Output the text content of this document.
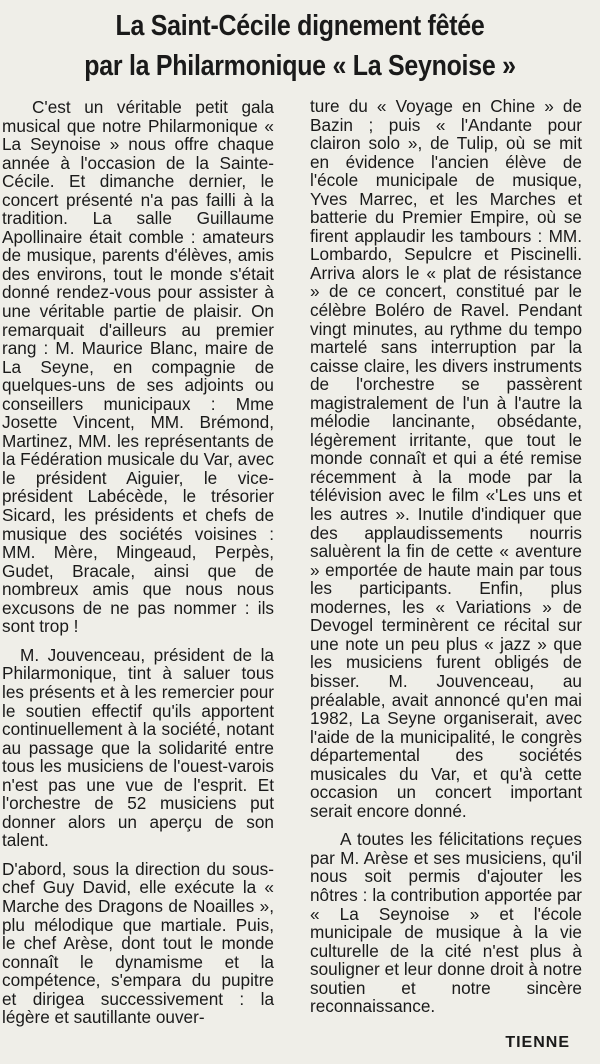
La Saint-Cécile dignement fêtée
par la Philarmonique « La Seynoise »

C'est un véritable petit gala musical que notre Philarmonique « La Seynoise » nous offre chaque année à l'occasion de la Sainte-Cécile. Et dimanche dernier, le concert présenté n'a pas failli à la tradition. La salle Guillaume Apollinaire était comble : amateurs de musique, parents d'élèves, amis des environs, tout le monde s'était donné rendez-vous pour assister à une véritable partie de plaisir. On remarquait d'ailleurs au premier rang : M. Maurice Blanc, maire de La Seyne, en compagnie de quelques-uns de ses adjoints ou conseillers municipaux : Mme Josette Vincent, MM. Brémond, Martinez, MM. les représentants de la Fédération musicale du Var, avec le président Aiguier, le vice-président Labécède, le trésorier Sicard, les présidents et chefs de musique des sociétés voisines : MM. Mère, Mingeaud, Perpès, Gudet, Bracale, ainsi que de nombreux amis que nous nous excusons de ne pas nommer : ils sont trop !

M. Jouvenceau, président de la Philarmonique, tint à saluer tous les présents et à les remercier pour le soutien effectif qu'ils apportent continuellement à la société, notant au passage que la solidarité entre tous les musiciens de l'ouest-varois n'est pas une vue de l'esprit. Et l'orchestre de 52 musiciens put donner alors un aperçu de son talent.

D'abord, sous la direction du sous-chef Guy David, elle exécute la « Marche des Dragons de Noailles », plu mélodique que martiale. Puis, le chef Arèse, dont tout le monde connaît le dynamisme et la compétence, s'empara du pupitre et dirigea successivement : la légère et sautillante ouver-

ture du « Voyage en Chine » de Bazin ; puis « l'Andante pour clairon solo », de Tulip, où se mit en évidence l'ancien élève de l'école municipale de musique, Yves Marrec, et les Marches et batterie du Premier Empire, où se firent applaudir les tambours : MM. Lombardo, Sepulcre et Piscinelli. Arriva alors le « plat de résistance » de ce concert, constitué par le célèbre Boléro de Ravel. Pendant vingt minutes, au rythme du tempo martelé sans interruption par la caisse claire, les divers instruments de l'orchestre se passèrent magistralement de l'un à l'autre la mélodie lancinante, obsédante, légèrement irritante, que tout le monde connaît et qui a été remise récemment à la mode par la télévision avec le film «'Les uns et les autres ». Inutile d'indiquer que des applaudissements nourris saluèrent la fin de cette « aventure » emportée de haute main par tous les participants. Enfin, plus modernes, les « Variations » de Devogel terminèrent ce récital sur une note un peu plus « jazz » que les musiciens furent obligés de bisser. M. Jouvenceau, au préalable, avait annoncé qu'en mai 1982, La Seyne organiserait, avec l'aide de la municipalité, le congrès départemental des sociétés musicales du Var, et qu'à cette occasion un concert important serait encore donné.

A toutes les félicitations reçues par M. Arèse et ses musiciens, qu'il nous soit permis d'ajouter les nôtres : la contribution apportée par « La Seynoise » et l'école municipale de musique à la vie culturelle de la cité n'est plus à souligner et leur donne droit à notre soutien et notre sincère reconnaissance.

TIENNE
